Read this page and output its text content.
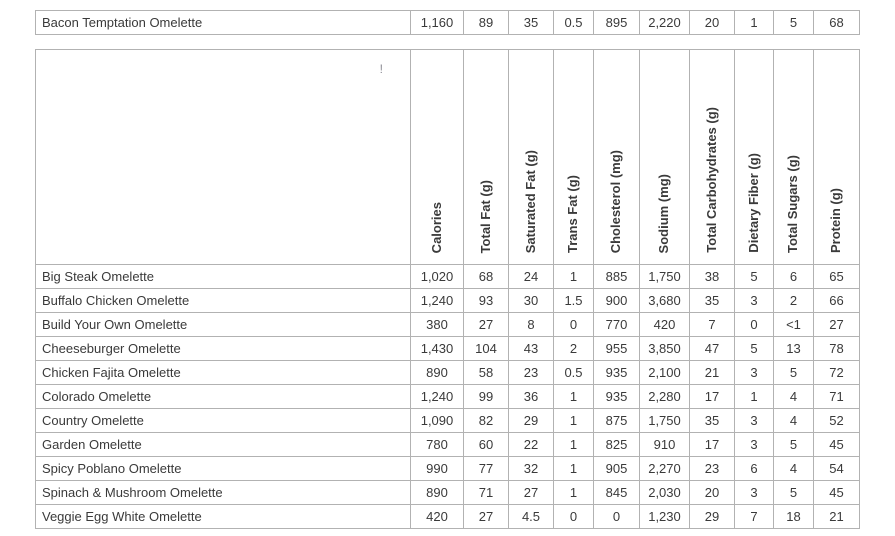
Bacon Temptation Omelette	1,160	89	35	0.5	895	2,220	20	1	5	68
!	Calories	Total Fat (g)	Saturated Fat (g)	Trans Fat (g)	Cholesterol (mg)	Sodium (mg)	Total Carbohydrates (g)	Dietary Fiber (g)	Total Sugars (g)	Protein (g)
Big Steak Omelette	1,020	68	24	1	885	1,750	38	5	6	65
Buffalo Chicken Omelette	1,240	93	30	1.5	900	3,680	35	3	2	66
Build Your Own Omelette	380	27	8	0	770	420	7	0	<1	27
Cheeseburger Omelette	1,430	104	43	2	955	3,850	47	5	13	78
Chicken Fajita Omelette	890	58	23	0.5	935	2,100	21	3	5	72
Colorado Omelette	1,240	99	36	1	935	2,280	17	1	4	71
Country Omelette	1,090	82	29	1	875	1,750	35	3	4	52
Garden Omelette	780	60	22	1	825	910	17	3	5	45
Spicy Poblano Omelette	990	77	32	1	905	2,270	23	6	4	54
Spinach & Mushroom Omelette	890	71	27	1	845	2,030	20	3	5	45
Veggie Egg White Omelette	420	27	4.5	0	0	1,230	29	7	18	21
